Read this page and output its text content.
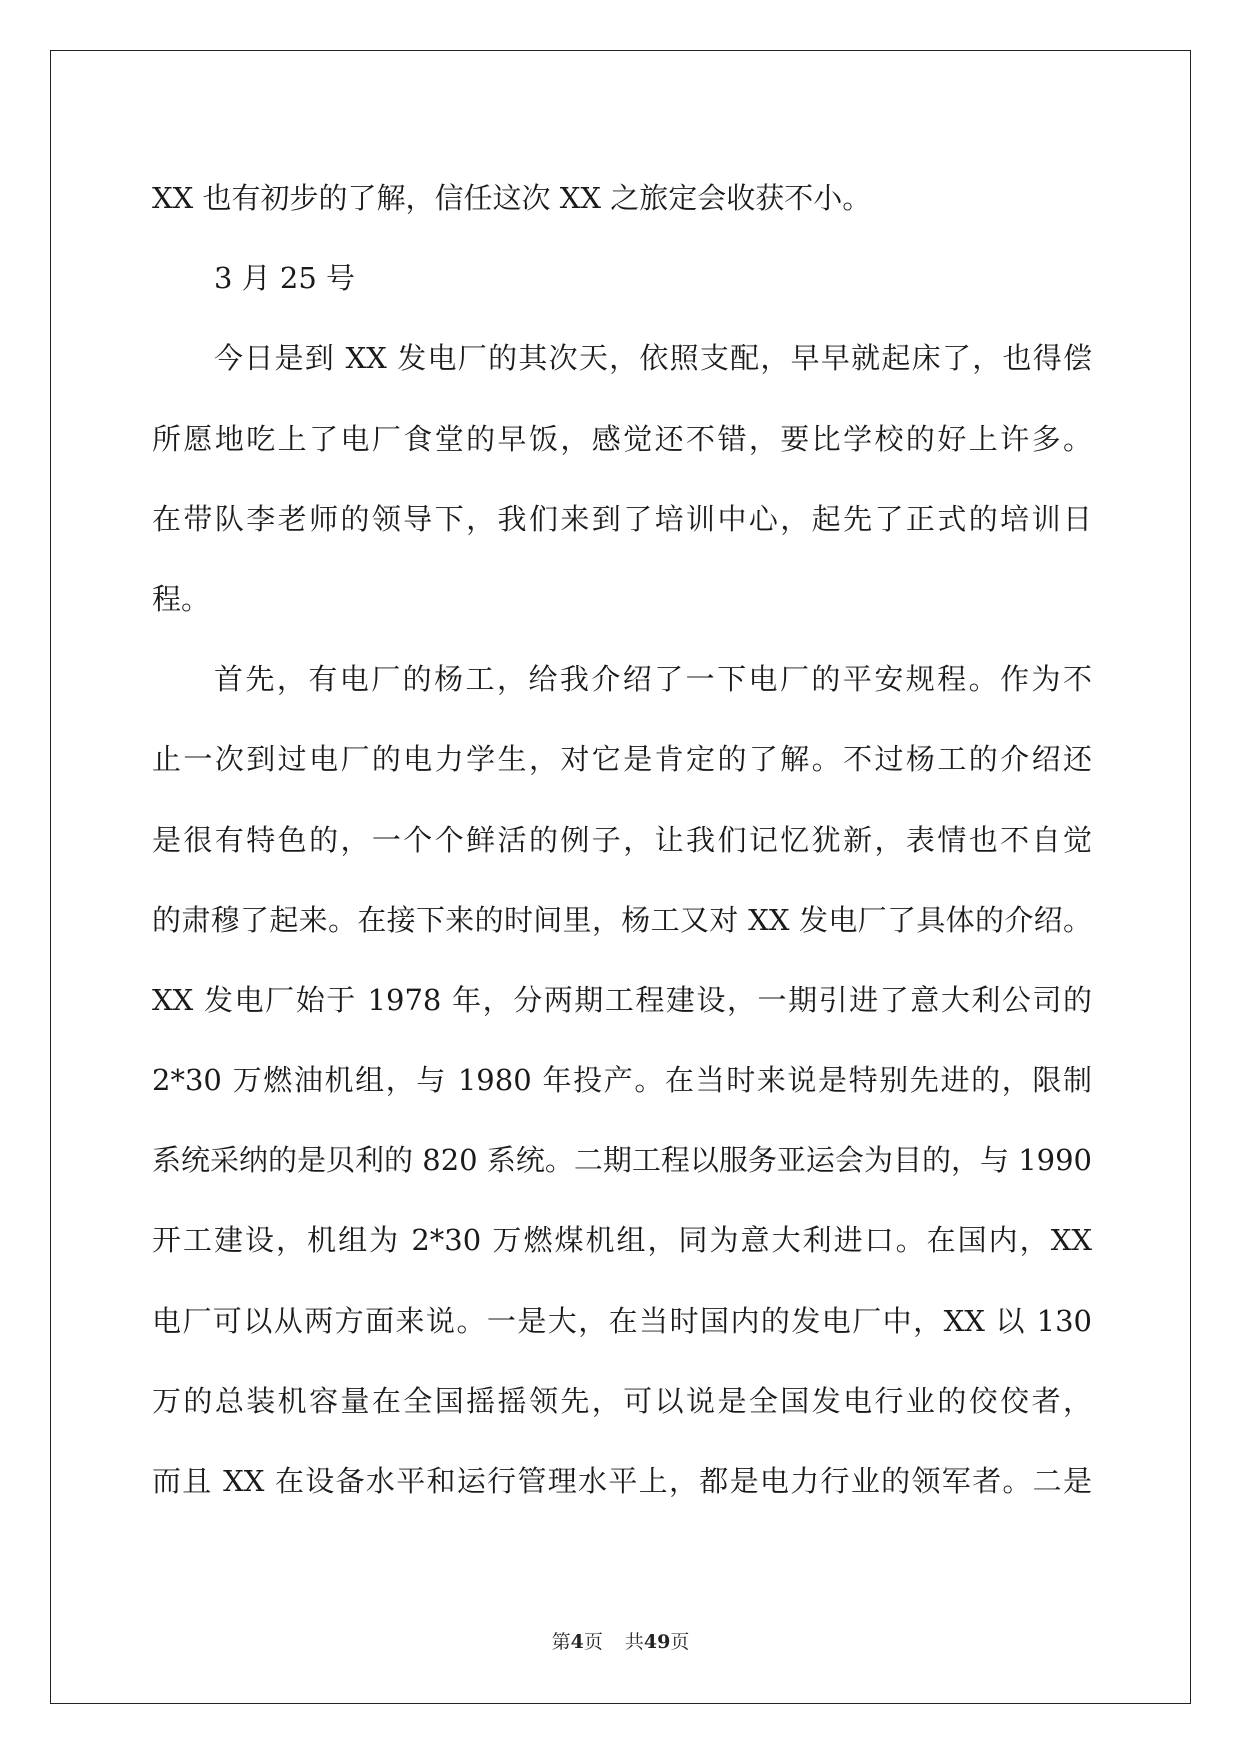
XX 也有初步的了解，信任这次 XX 之旅定会收获不小。
3 月 25 号
今日是到 XX 发电厂的其次天，依照支配，早早就起床了，也得偿
所愿地吃上了电厂食堂的早饭，感觉还不错，要比学校的好上许多。
在带队李老师的领导下，我们来到了培训中心，起先了正式的培训日
程。
首先，有电厂的杨工，给我介绍了一下电厂的平安规程。作为不
止一次到过电厂的电力学生，对它是肯定的了解。不过杨工的介绍还
是很有特色的，一个个鲜活的例子，让我们记忆犹新，表情也不自觉
的肃穆了起来。在接下来的时间里，杨工又对 XX 发电厂了具体的介绍。
XX 发电厂始于 1978 年，分两期工程建设，一期引进了意大利公司的
2*30 万燃油机组，与 1980 年投产。在当时来说是特别先进的，限制
系统采纳的是贝利的 820 系统。二期工程以服务亚运会为目的，与 1990
开工建设，机组为 2*30 万燃煤机组，同为意大利进口。在国内，XX
电厂可以从两方面来说。一是大，在当时国内的发电厂中，XX 以 130
万的总装机容量在全国摇摇领先，可以说是全国发电行业的佼佼者，
而且 XX 在设备水平和运行管理水平上，都是电力行业的领军者。二是
第4页 共49页
